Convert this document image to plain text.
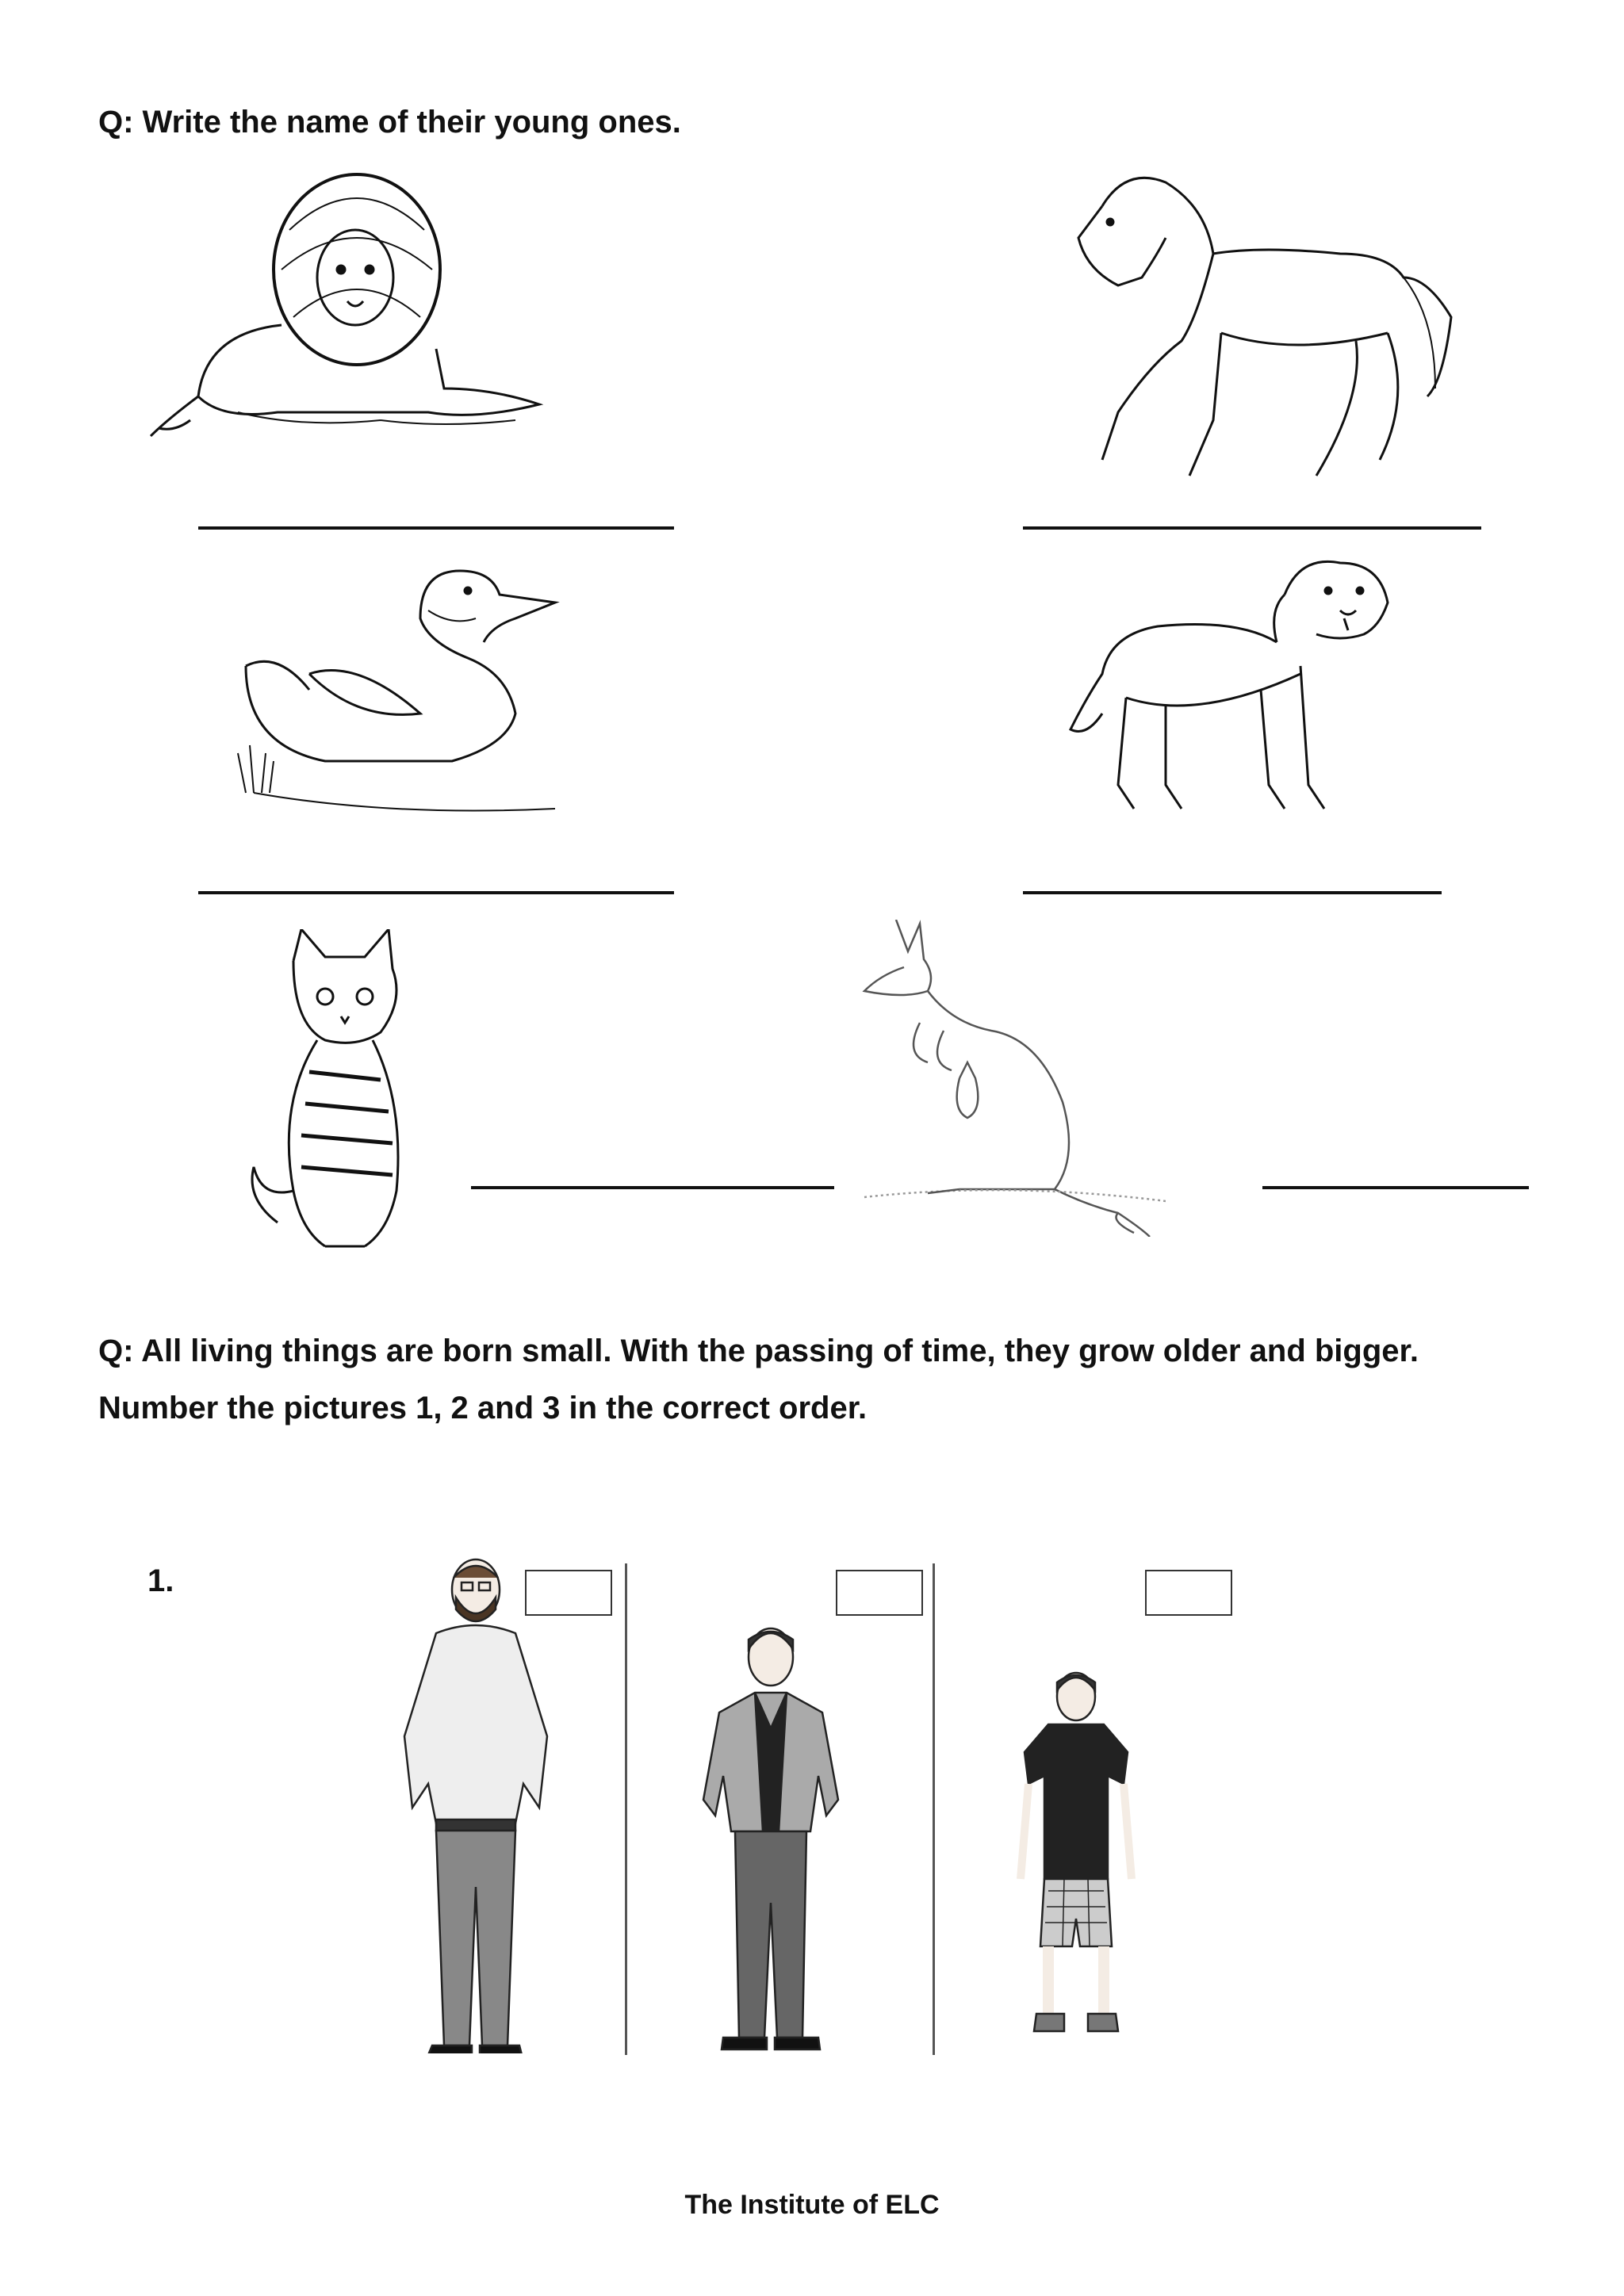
Q: Write the name of their young ones.

Q: All living things are born small. With the passing of time, they grow older and bigger.

Number the pictures 1, 2 and 3 in the correct order.

1.
The Institute of ELC
